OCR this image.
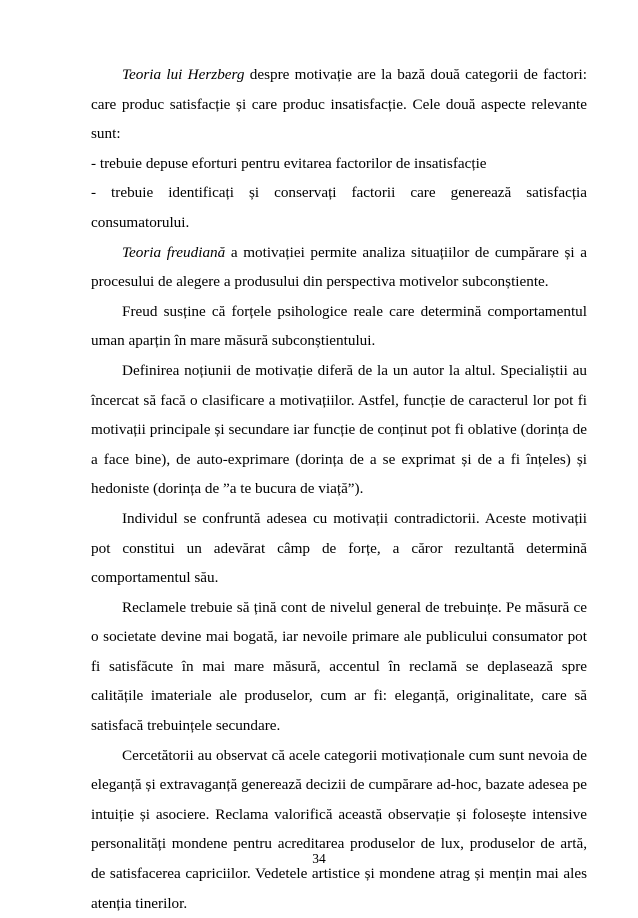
Teoria lui Herzberg despre motivație are la bază două categorii de factori: care produc satisfacție și care produc insatisfacție. Cele două aspecte relevante sunt:

- trebuie depuse eforturi pentru evitarea factorilor de insatisfacție

- trebuie identificați și conservați factorii care generează satisfacția consumatorului.

Teoria freudiană a motivației permite analiza situațiilor de cumpărare și a procesului de alegere a produsului din perspectiva motivelor subconștiente.

Freud susține că forțele psihologice reale care determină comportamentul uman aparțin în mare măsură subconștientului.

Definirea noțiunii de motivație diferă de la un autor la altul. Specialiștii au încercat să facă o clasificare a motivațiilor. Astfel, funcție de caracterul lor pot fi motivații principale și secundare iar funcție de conținut pot fi oblative (dorința de a face bine), de auto-exprimare (dorința de a se exprimat și de a fi înțeles) și hedoniste (dorința de ”a te bucura de viață”).

Individul se confruntă adesea cu motivații contradictorii. Aceste motivații pot constitui un adevărat câmp de forțe, a căror rezultantă determină comportamentul său.

Reclamele trebuie să țină cont de nivelul general de trebuințe. Pe măsură ce o societate devine mai bogată, iar nevoile primare ale publicului consumator pot fi satisfăcute în mai mare măsură, accentul în reclamă se deplasează spre calitățile imateriale ale produselor, cum ar fi: eleganță, originalitate, care să satisfacă trebuințele secundare.

Cercetătorii au observat că acele categorii motivaționale cum sunt nevoia de eleganță și extravaganță generează decizii de cumpărare ad-hoc, bazate adesea pe intuiție și asociere. Reclama valorifică această observație și folosește intensive personalități mondene pentru acreditarea produselor de lux, produselor de artă, de satisfacerea capriciilor. Vedetele artistice și mondene atrag și mențin mai ales atenția tinerilor.

34
